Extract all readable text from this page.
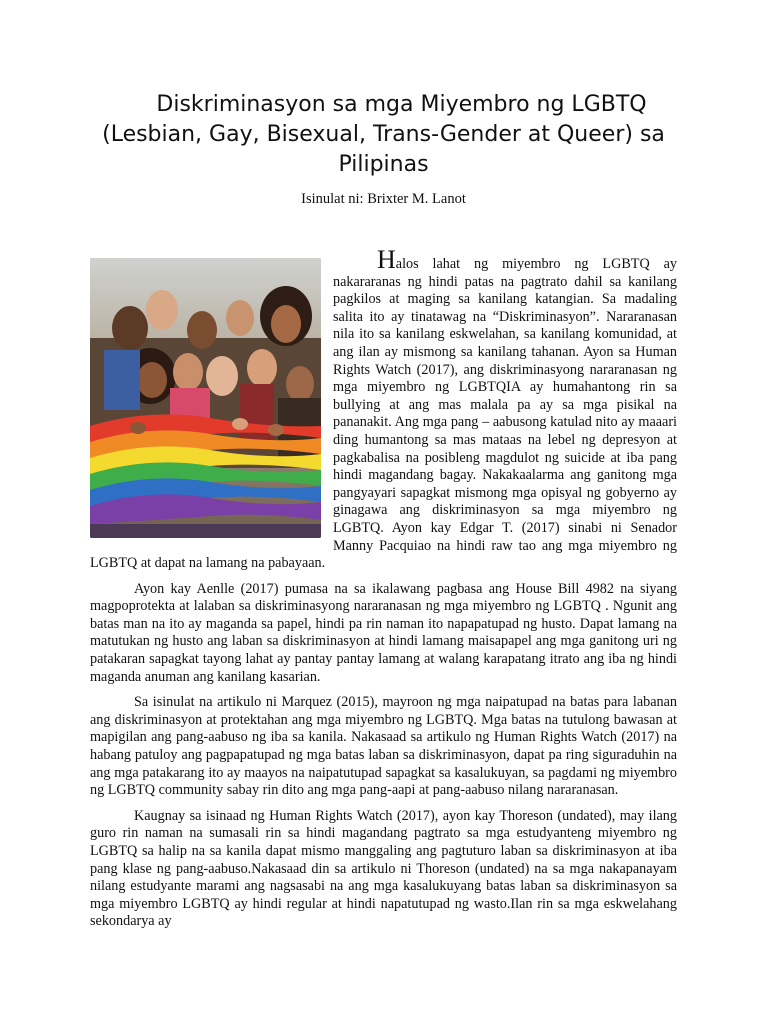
Diskriminasyon sa mga Miyembro ng LGBTQ
(Lesbian, Gay, Bisexual, Trans-Gender at Queer) sa Pilipinas
Isinulat ni: Brixter M. Lanot

Halos lahat ng miyembro ng LGBTQ ay nakararanas ng hindi patas na pagtrato dahil sa kanilang pagkilos at maging sa kanilang katangian. Sa madaling salita ito ay tinatawag na “Diskriminasyon”. Nararanasan nila ito sa kanilang eskwelahan, sa kanilang komunidad, at ang ilan ay mismong sa kanilang tahanan. Ayon sa Human Rights Watch (2017), ang diskriminasyong nararanasan ng mga miyembro ng LGBTQIA ay humahantong rin sa bullying at ang mas malala pa ay sa mga pisikal na pananakit. Ang mga pang – aabusong katulad nito ay maaari ding humantong sa mas mataas na lebel ng depresyon at pagkabalisa na posibleng magdulot ng suicide at iba pang hindi magandang bagay. Nakakaalarma ang ganitong mga pangyayari sapagkat mismong mga opisyal ng gobyerno ay ginagawa ang diskriminasyon sa mga miyembro ng LGBTQ. Ayon kay Edgar T. (2017) sinabi ni Senador Manny Pacquiao na hindi raw tao ang mga miyembro ng LGBTQ at dapat na lamang na pabayaan.

Ayon kay Aenlle (2017) pumasa na sa ikalawang pagbasa ang House Bill 4982 na siyang magpoprotekta at lalaban sa diskriminasyong nararanasan ng mga miyembro ng LGBTQ . Ngunit ang batas man na ito ay maganda sa papel, hindi pa rin naman ito napapatupad ng husto. Dapat lamang na matutukan ng husto ang laban sa diskriminasyon at hindi lamang maisapapel ang mga ganitong uri ng patakaran sapagkat tayong lahat ay pantay pantay lamang at walang karapatang itrato ang iba ng hindi maganda anuman ang kanilang kasarian.

Sa isinulat na artikulo ni Marquez (2015), mayroon ng mga naipatupad na batas para labanan ang diskriminasyon at protektahan ang mga miyembro ng LGBTQ. Mga batas na tutulong bawasan at mapigilan ang pang-aabuso ng iba sa kanila. Nakasaad sa artikulo ng Human Rights Watch (2017) na habang patuloy ang pagpapatupad ng mga batas laban sa diskriminasyon, dapat pa ring siguraduhin na ang mga patakarang ito ay maayos na naipatutupad sapagkat sa kasalukuyan, sa pagdami ng miyembro ng LGBTQ community sabay rin dito ang mga pang-aapi at pang-aabuso nilang nararanasan.

Kaugnay sa isinaad ng Human Rights Watch (2017), ayon kay Thoreson (undated), may ilang guro rin naman na sumasali rin sa hindi magandang pagtrato sa mga estudyanteng miyembro ng LGBTQ sa halip na sa kanila dapat mismo manggaling ang pagtuturo laban sa diskriminasyon at iba pang klase ng pang-aabuso.Nakasaad din sa artikulo ni Thoreson (undated) na sa mga nakapanayam nilang estudyante marami ang nagsasabi na ang mga kasalukuyang batas laban sa diskriminasyon sa mga miyembro LGBTQ ay hindi regular at hindi napatutupad ng wasto.Ilan rin sa mga eskwelahang sekondarya ay
